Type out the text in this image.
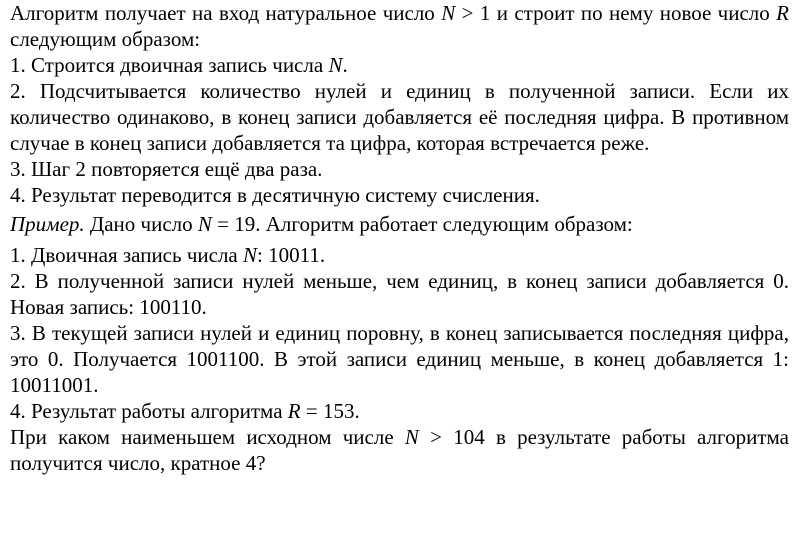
Алгоритм получает на вход натуральное число N > 1 и строит по нему новое число R следующим образом:

1. Строится двоичная запись числа N.

2. Подсчитывается количество нулей и единиц в полученной записи. Если их количество одинаково, в конец записи добавляется её последняя цифра. В противном случае в конец записи добавляется та цифра, которая встречается реже.

3. Шаг 2 повторяется ещё два раза.

4. Результат переводится в десятичную систему счисления.

Пример. Дано число N = 19. Алгоритм работает следующим образом:

1. Двоичная запись числа N: 10011.

2. В полученной записи нулей меньше, чем единиц, в конец записи добавляется 0. Новая запись: 100110.

3. В текущей записи нулей и единиц поровну, в конец записывается последняя цифра, это 0. Получается 1001100. В этой записи единиц меньше, в конец добавляется 1: 10011001.

4. Результат работы алгоритма R = 153.

При каком наименьшем исходном числе N > 104 в результате работы алгоритма получится число, кратное 4?
